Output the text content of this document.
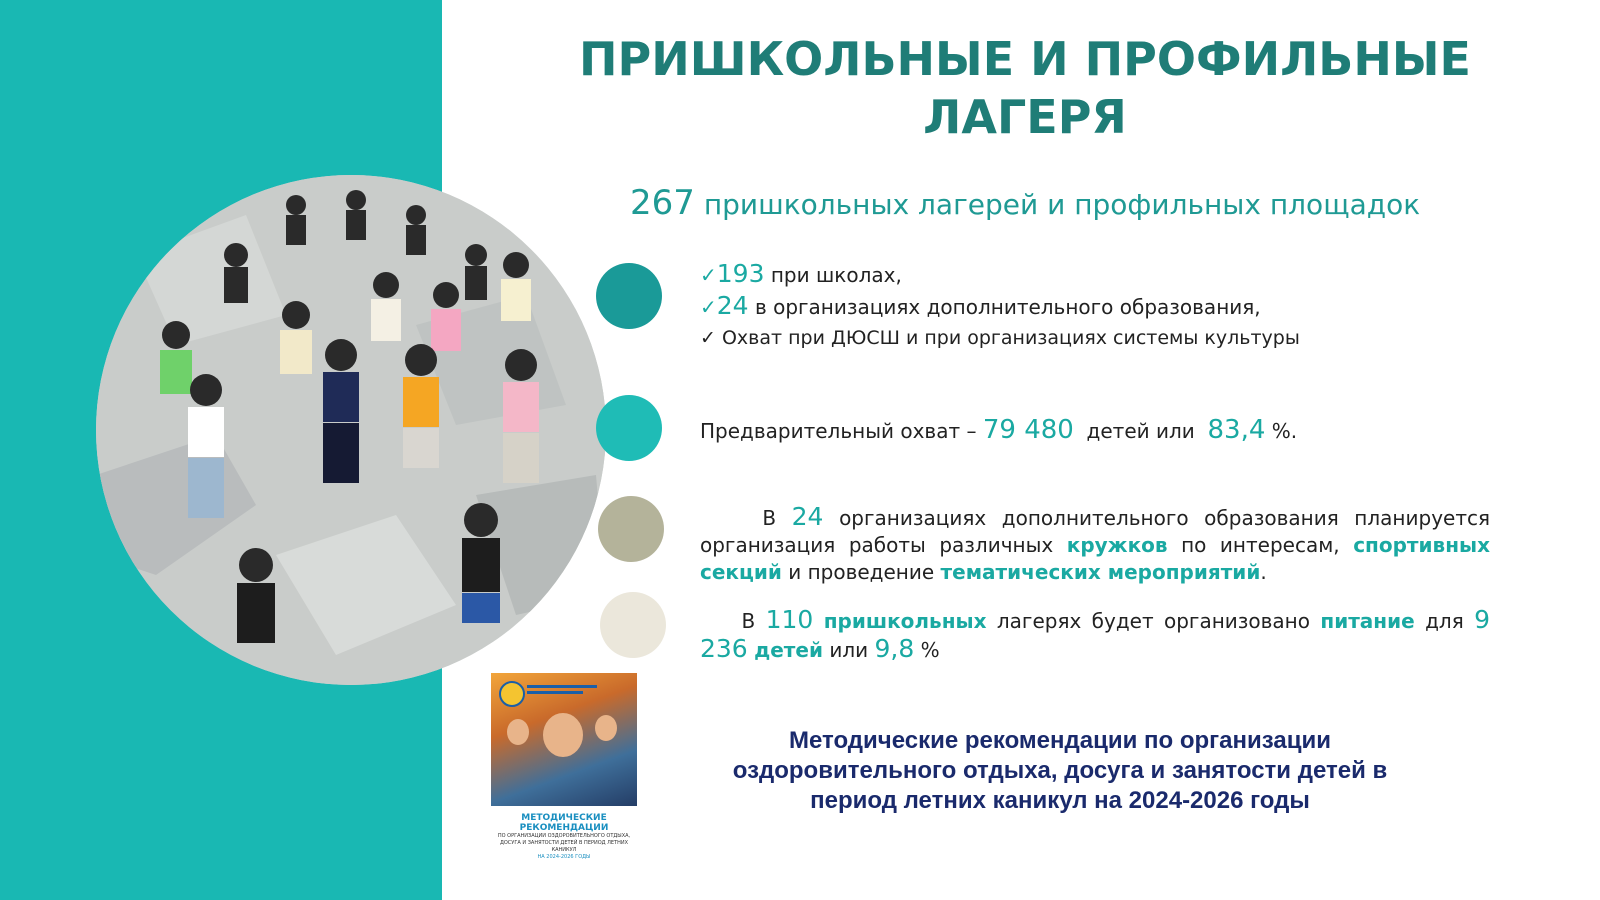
ПРИШКОЛЬНЫЕ И ПРОФИЛЬНЫЕ ЛАГЕРЯ
267 пришкольных лагерей и профильных площадок
✓193 при школах,
✓24 в организациях дополнительного образования,
✓ Охват при ДЮСШ и при организациях системы культуры
Предварительный охват – 79 480 детей или 83,4 %.
В 24 организациях дополнительного образования планируется организация работы различных кружков по интересам, спортивных секций и проведение тематических мероприятий.
В 110 пришкольных лагерях будет организовано питание для 9 236 детей или 9,8 %
МЕТОДИЧЕСКИЕ РЕКОМЕНДАЦИИ
ПО ОРГАНИЗАЦИИ ОЗДОРОВИТЕЛЬНОГО ОТДЫХА, ДОСУГА И ЗАНЯТОСТИ ДЕТЕЙ В ПЕРИОД ЛЕТНИХ КАНИКУЛ
НА 2024-2026 ГОДЫ
Методические рекомендации по организации оздоровительного отдыха, досуга и занятости детей в период летних каникул на 2024-2026 годы
